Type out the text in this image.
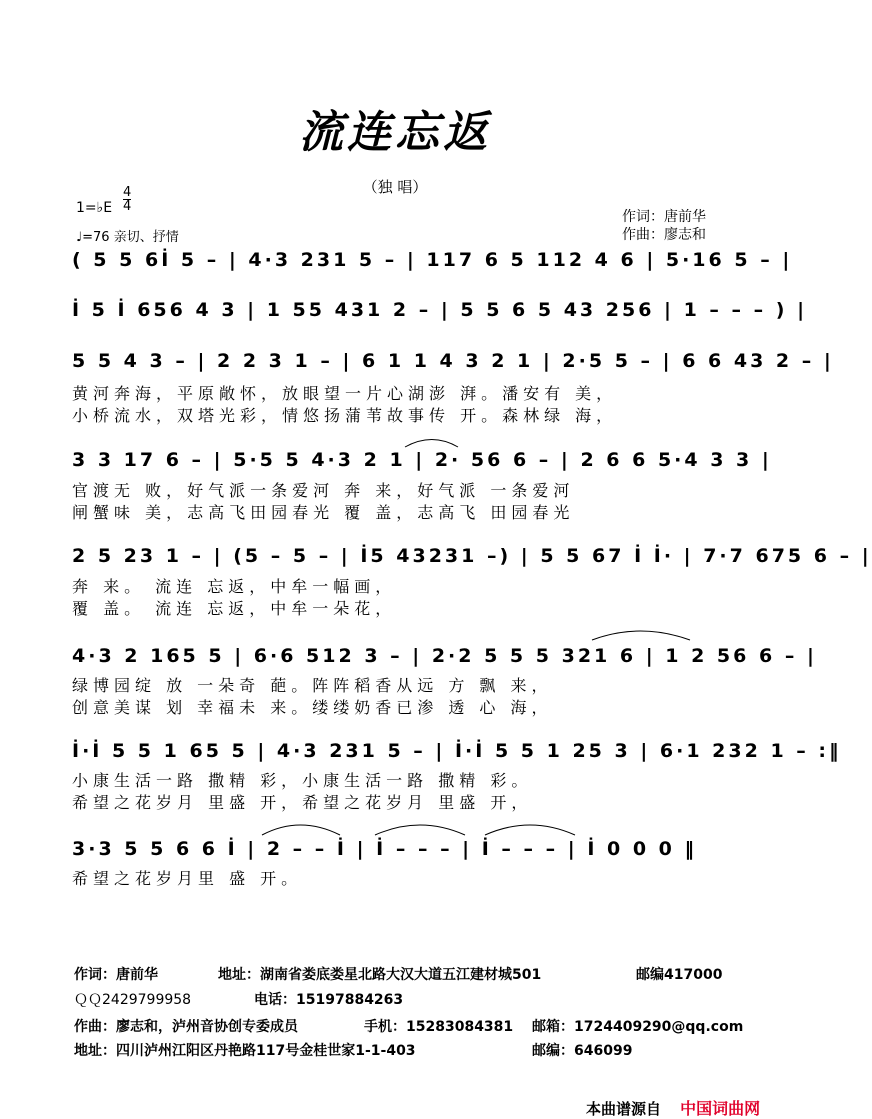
流连忘返
（独 唱）
1=♭E
4
4
♩=76 亲切、抒情
作词：唐前华
作曲：廖志和
( 5 5 6İ 5 – | 4·3 231 5 – | 117 6 5 112 4 6 | 5·16 5 – |
İ 5 İ 656 4 3 | 1 55 431 2 – | 5 5 6 5 43 256 | 1 – – – ) |
5 5 4 3 – | 2 2 3 1 – | 6 1 1 4 3 2 1 | 2·5 5 – | 6 6 43 2 – |
黄河奔海，平原敞怀，放眼望一片心湖澎 湃。潘安有 美，
小桥流水，双塔光彩，情悠扬蒲苇故事传 开。森林绿 海，
3 3 17 6 – | 5·5 5 4·3 2 1 | 2· 56 6 – | 2 6 6 5·4 3 3 |
官渡无 败，好气派一条爱河 奔 来，好气派 一条爱河
闸蟹味 美，志高飞田园春光 覆 盖，志高飞 田园春光
2 5 23 1 – | (5 – 5 – | İ5 43231 –) | 5 5 67 İ İ· | 7·7 675 6 – |
奔 来。 流连 忘返，中牟一幅画，
覆 盖。 流连 忘返，中牟一朵花，
4·3 2 165 5 | 6·6 512 3 – | 2·2 5 5 5 321 6 | 1 2 56 6 – |
绿博园绽 放 一朵奇 葩。阵阵稻香从远 方 飘 来，
创意美谋 划 幸福未 来。缕缕奶香已渗 透 心 海，
İ·İ 5 5 1 65 5 | 4·3 231 5 – | İ·İ 5 5 1 25 3 | 6·1 232 1 – :‖
小康生活一路 撒精 彩，小康生活一路 撒精 彩。
希望之花岁月 里盛 开，希望之花岁月 里盛 开，
3·3 5 5 6 6 İ | 2 – – İ | İ – – – | İ – – – | İ 0 0 0 ‖
希望之花岁月里 盛 开。
作词：唐前华	地址：湖南省娄底娄星北路大汉大道五江建材城501	邮编417000
ＱＱ2429799958	电话：15197884263
作曲：廖志和，泸州音协创专委成员	手机：15283084381 邮箱：1724409290@qq.com
地址：四川泸州江阳区丹艳路117号金桂世家1-1-403	邮编：646099
本曲谱源自 中国词曲网
